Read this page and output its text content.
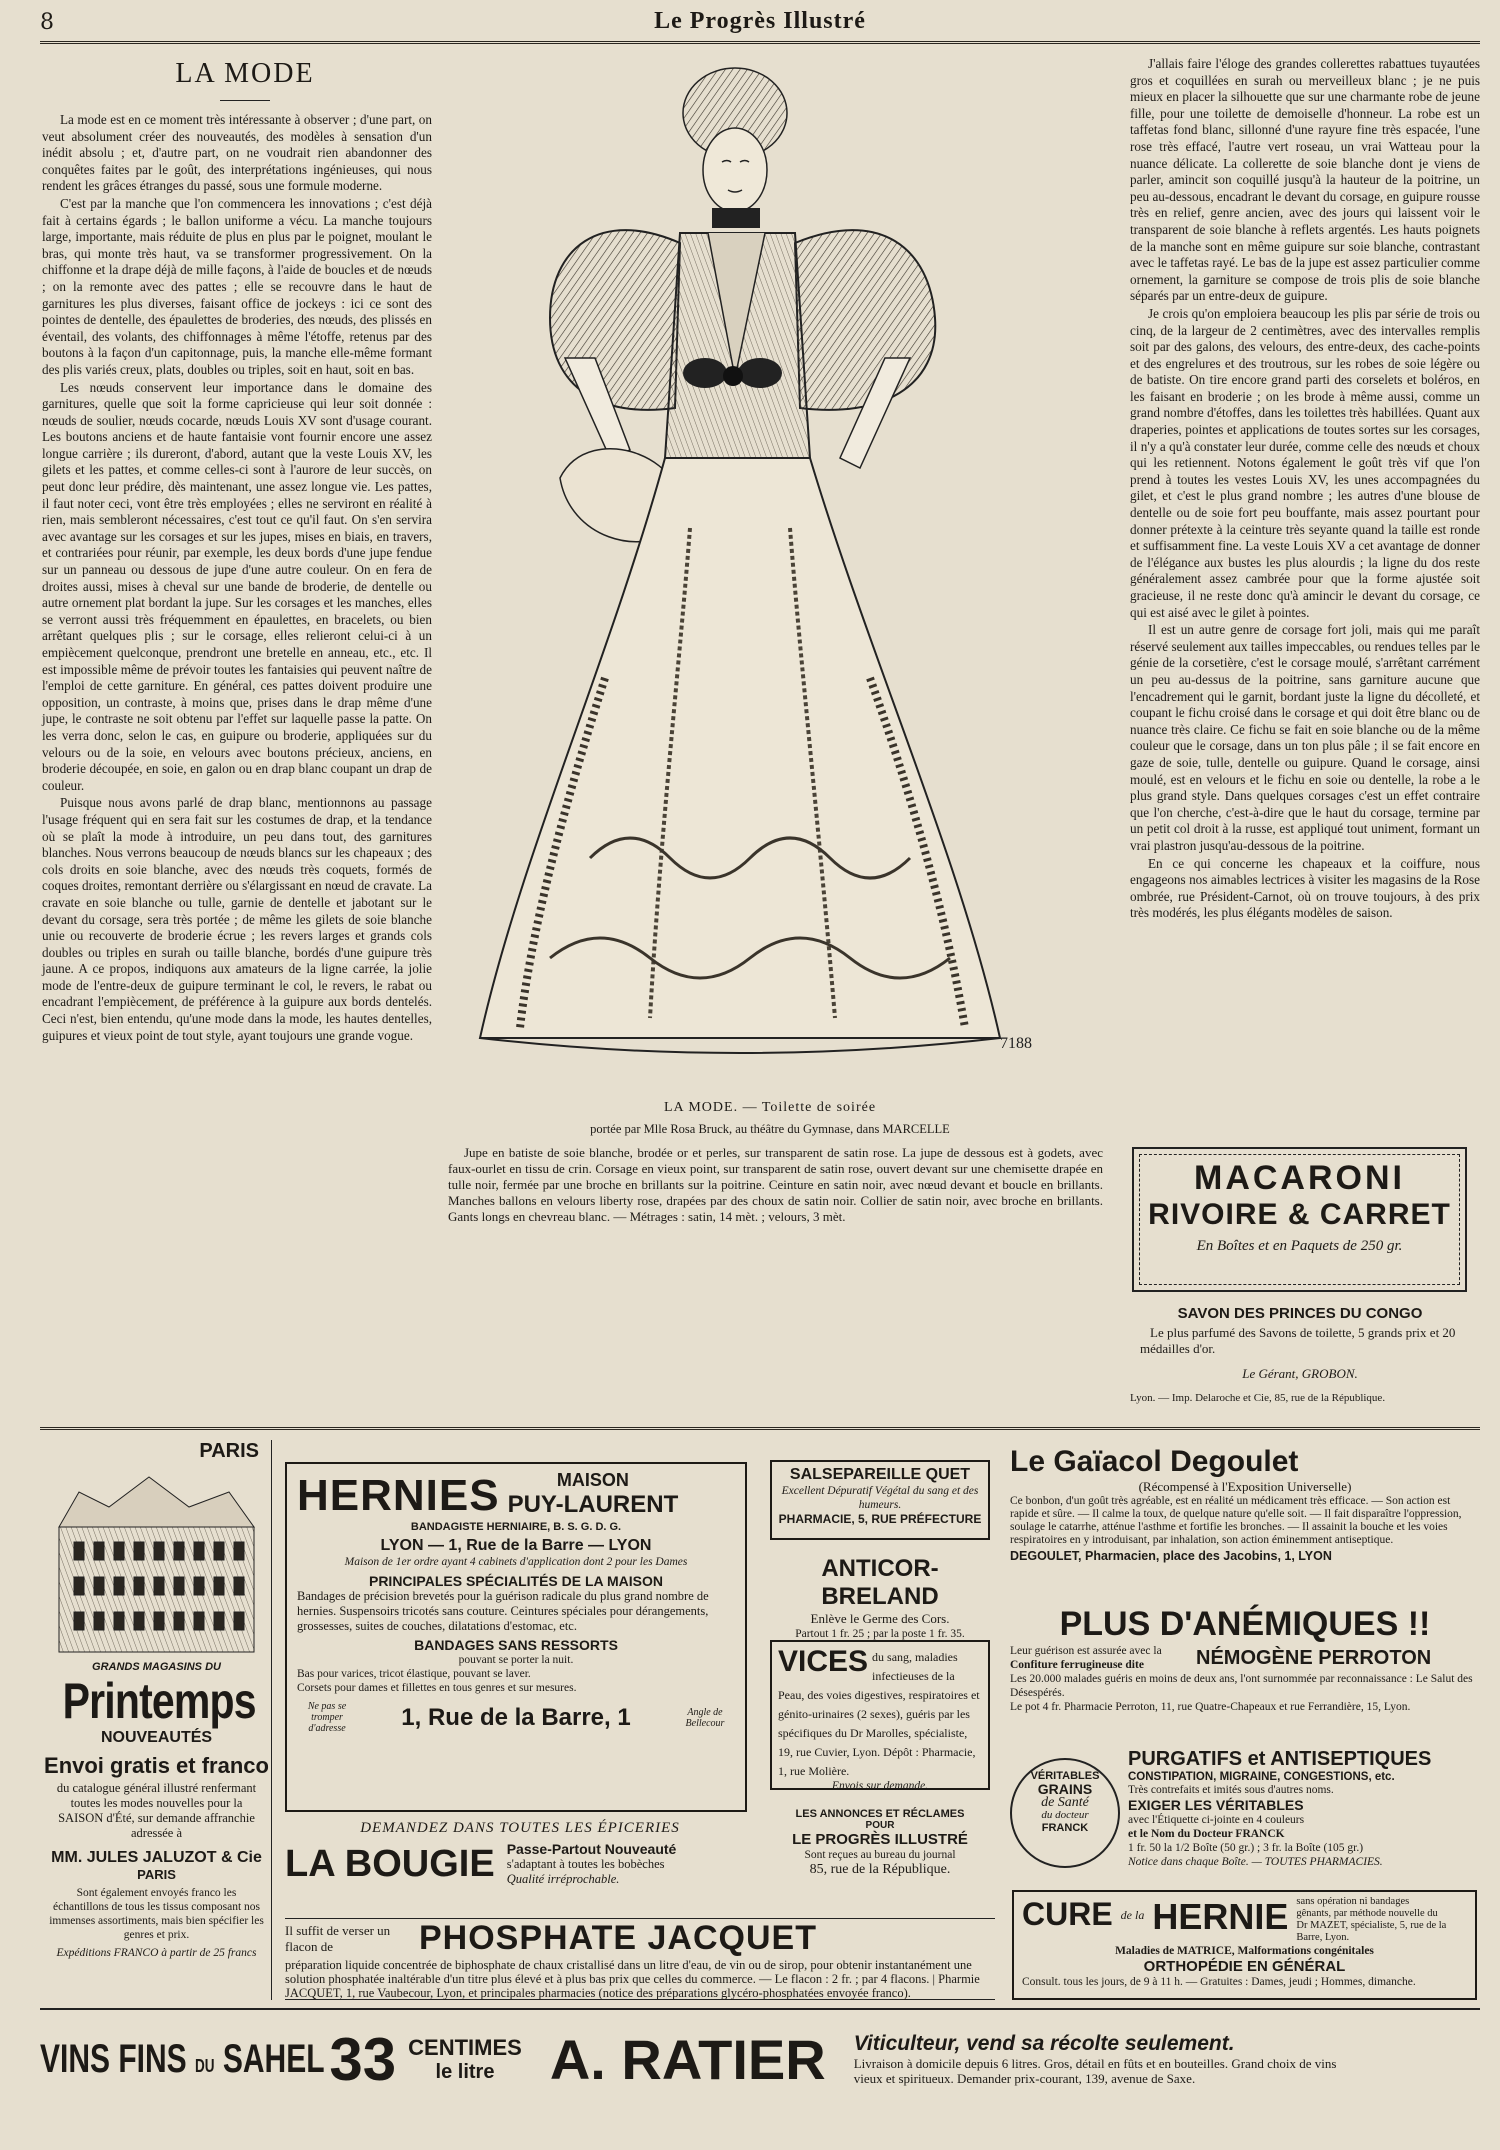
8	Le Progrès Illustré
LA MODE

La mode est en ce moment très intéressante à observer ; d'une part, on veut absolument créer des nouveautés, des modèles à sensation d'un inédit absolu ; et, d'autre part, on ne voudrait rien abandonner des conquêtes faites par le goût, des interprétations ingénieuses, qui nous rendent les grâces étranges du passé, sous une formule moderne.

C'est par la manche que l'on commencera les innovations ; c'est déjà fait à certains égards ; le ballon uniforme a vécu. La manche toujours large, importante, mais réduite de plus en plus par le poignet, moulant le bras, qui monte très haut, va se transformer progressivement. On la chiffonne et la drape déjà de mille façons, à l'aide de boucles et de nœuds ; on la remonte avec des pattes ; elle se recouvre dans le haut de garnitures les plus diverses, faisant office de jockeys : ici ce sont des pointes de dentelle, des épaulettes de broderies, des nœuds, des plissés en éventail, des volants, des chiffonnages à même l'étoffe, retenus par des boutons à la façon d'un capitonnage, puis, la manche elle-même formant des plis variés creux, plats, doubles ou triples, soit en haut, soit en bas.

Les nœuds conservent leur importance dans le domaine des garnitures, quelle que soit la forme capricieuse qui leur soit donnée : nœuds de soulier, nœuds cocarde, nœuds Louis XV sont d'usage courant. Les boutons anciens et de haute fantaisie vont fournir encore une assez longue carrière ; ils dureront, d'abord, autant que la veste Louis XV, les gilets et les pattes, et comme celles-ci sont à l'aurore de leur succès, on peut donc leur prédire, dès maintenant, une assez longue vie. Les pattes, il faut noter ceci, vont être très employées ; elles ne serviront en réalité à rien, mais sembleront nécessaires, c'est tout ce qu'il faut. On s'en servira avec avantage sur les corsages et sur les jupes, mises en biais, en travers, et contrariées pour réunir, par exemple, les deux bords d'une jupe fendue sur un panneau ou dessous de jupe d'une autre couleur. On en fera de droites aussi, mises à cheval sur une bande de broderie, de dentelle ou autre ornement plat bordant la jupe. Sur les corsages et les manches, elles se verront aussi très fréquemment en épaulettes, en bracelets, ou bien arrêtant quelques plis ; sur le corsage, elles relieront celui-ci à un empiècement quelconque, prendront une bretelle en anneau, etc., etc. Il est impossible même de prévoir toutes les fantaisies qui peuvent naître de l'emploi de cette garniture. En général, ces pattes doivent produire une opposition, un contraste, à moins que, prises dans le drap même d'une jupe, le contraste ne soit obtenu par l'effet sur laquelle passe la patte. On les verra donc, selon le cas, en guipure ou broderie, appliquées sur du velours ou de la soie, en velours avec boutons précieux, anciens, en broderie découpée, en soie, en galon ou en drap blanc coupant un drap de couleur.

Puisque nous avons parlé de drap blanc, mentionnons au passage l'usage fréquent qui en sera fait sur les costumes de drap, et la tendance où se plaît la mode à introduire, un peu dans tout, des garnitures blanches. Nous verrons beaucoup de nœuds blancs sur les chapeaux ; des cols droits en soie blanche, avec des nœuds très coquets, formés de coques droites, remontant derrière ou s'élargissant en nœud de cravate. La cravate en soie blanche ou tulle, garnie de dentelle et jabotant sur le devant du corsage, sera très portée ; de même les gilets de soie blanche unie ou recouverte de broderie écrue ; les revers larges et grands cols doubles ou triples en surah ou taille blanche, bordés d'une guipure très jaune. A ce propos, indiquons aux amateurs de la ligne carrée, la jolie mode de l'entre-deux de guipure terminant le col, le revers, le rabat ou encadrant l'empiècement, de préférence à la guipure aux bords dentelés. Ceci n'est, bien entendu, qu'une mode dans la mode, les hautes dentelles, guipures et vieux point de tout style, ayant toujours une grande vogue.	7188
LA MODE. — Toilette de soirée
portée par Mlle Rosa Bruck, au théâtre du Gymnase, dans MARCELLE
Jupe en batiste de soie blanche, brodée or et perles, sur transparent de satin rose. La jupe de dessous est à godets, avec faux-ourlet en tissu de crin. Corsage en vieux point, sur transparent de satin rose, ouvert devant sur une chemisette drapée en tulle noir, fermée par une broche en brillants sur la poitrine. Ceinture en satin noir, avec nœud devant et boucle en brillants. Manches ballons en velours liberty rose, drapées par des choux de satin noir. Collier de satin noir, avec broche en brillants. Gants longs en chevreau blanc. — Métrages : satin, 14 mèt. ; velours, 3 mèt.

J'allais faire l'éloge des grandes collerettes rabattues tuyautées gros et coquillées en surah ou merveilleux blanc ; je ne puis mieux en placer la silhouette que sur une charmante robe de jeune fille, pour une toilette de demoiselle d'honneur. La robe est un taffetas fond blanc, sillonné d'une rayure fine très espacée, l'une rose très effacé, l'autre vert roseau, un vrai Watteau pour la nuance délicate. La collerette de soie blanche dont je viens de parler, amincit son coquillé jusqu'à la hauteur de la poitrine, un peu au-dessous, encadrant le devant du corsage, en guipure rousse très en relief, genre ancien, avec des jours qui laissent voir le transparent de soie blanche à reflets argentés. Les hauts poignets de la manche sont en même guipure sur soie blanche, contrastant avec le taffetas rayé. Le bas de la jupe est assez particulier comme ornement, la garniture se compose de trois plis de soie blanche séparés par un entre-deux de guipure.

Je crois qu'on emploiera beaucoup les plis par série de trois ou cinq, de la largeur de 2 centimètres, avec des intervalles remplis soit par des galons, des velours, des entre-deux, des cache-points et des engrelures et des troutrous, sur les robes de soie légère ou de batiste. On tire encore grand parti des corselets et boléros, en les faisant en broderie ; on les brode à même aussi, comme un grand nombre d'étoffes, dans les toilettes très habillées. Quant aux draperies, pointes et applications de toutes sortes sur les corsages, il n'y a qu'à constater leur durée, comme celle des nœuds et choux qui les retiennent. Notons également le goût très vif que l'on prend à toutes les vestes Louis XV, les unes accompagnées du gilet, et c'est le plus grand nombre ; les autres d'une blouse de dentelle ou de soie fort peu bouffante, mais assez pourtant pour donner prétexte à la ceinture très seyante quand la taille est ronde et suffisamment fine. La veste Louis XV a cet avantage de donner de l'élégance aux bustes les plus alourdis ; la ligne du dos reste généralement assez cambrée pour que la forme ajustée soit gracieuse, il ne reste donc qu'à amincir le devant du corsage, ce qui est aisé avec le gilet à pointes.

Il est un autre genre de corsage fort joli, mais qui me paraît réservé seulement aux tailles impeccables, ou rendues telles par le génie de la corsetière, c'est le corsage moulé, s'arrêtant carrément un peu au-dessus de la poitrine, sans garniture aucune que l'encadrement qui le garnit, bordant juste la ligne du décolleté, et coupant le fichu croisé dans le corsage et qui doit être blanc ou de nuance très claire. Ce fichu se fait en soie blanche ou de la même couleur que le corsage, dans un ton plus pâle ; il se fait encore en gaze de soie, tulle, dentelle ou guipure. Quand le corsage, ainsi moulé, est en velours et le fichu en soie ou dentelle, la robe a le plus grand style. Dans quelques corsages c'est un effet contraire que l'on cherche, c'est-à-dire que le haut du corsage, termine par un petit col droit à la russe, est appliqué tout uniment, formant un vrai plastron jusqu'au-dessous de la poitrine.

En ce qui concerne les chapeaux et la coiffure, nous engageons nos aimables lectrices à visiter les magasins de la Rose ombrée, rue Président-Carnot, où on trouve toujours, à des prix très modérés, les plus élégants modèles de saison.

MACARONI
RIVOIRE & CARRET
En Boîtes et en Paquets de 250 gr.
SAVON DES PRINCES DU CONGO
Le plus parfumé des Savons de toilette, 5 grands prix et 20 médailles d'or.
Le Gérant, GROBON.
Lyon. — Imp. Delaroche et Cie, 85, rue de la République.
PARIS
GRANDS MAGASINS DU
Printemps
NOUVEAUTÉS
Envoi gratis et franco
du catalogue général illustré renfermant toutes les modes nouvelles pour la SAISON d'Été, sur demande affranchie adressée à
MM. JULES JALUZOT & Cie
PARIS
Sont également envoyés franco les échantillons de tous les tissus composant nos immenses assortiments, mais bien spécifier les genres et prix.
Expéditions FRANCO à partir de 25 francs
HERNIES	MAISON
PUY-LAURENT
BANDAGISTE HERNIAIRE, B. S. G. D. G.
LYON — 1, Rue de la Barre — LYON
Maison de 1er ordre ayant 4 cabinets d'application dont 2 pour les Dames
PRINCIPALES SPÉCIALITÉS DE LA MAISON
Bandages de précision brevetés pour la guérison radicale du plus grand nombre de hernies. Suspensoirs tricotés sans couture. Ceintures spéciales pour dérangements, grossesses, suites de couches, dilatations d'estomac, etc.
BANDAGES SANS RESSORTS
pouvant se porter la nuit.
Bas pour varices, tricot élastique, pouvant se laver.
Corsets pour dames et fillettes en tous genres et sur mesures.
Ne pas se tromper d'adresse	1, Rue de la Barre, 1	Angle de Bellecour
SALSEPAREILLE QUET
Excellent Dépuratif Végétal du sang et des humeurs.
PHARMACIE, 5, RUE PRÉFECTURE
ANTICOR-BRELAND
Enlève le Germe des Cors.
Partout 1 fr. 25 ; par la poste 1 fr. 35.
VICES du sang, maladies infectieuses de la Peau, des voies digestives, respiratoires et génito-urinaires (2 sexes), guéris par les spécifiques du Dr Marolles, spécialiste, 19, rue Cuvier, Lyon. Dépôt : Pharmacie, 1, rue Molière.
Envois sur demande.
LES ANNONCES ET RÉCLAMES
POUR
LE PROGRÈS ILLUSTRÉ
Sont reçues au bureau du journal
85, rue de la République.
DEMANDEZ DANS TOUTES LES ÉPICERIES
LA BOUGIE Passe-Partout Nouveauté
s'adaptant à toutes les bobèches
Qualité irréprochable.
Il suffit de verser un flacon de	PHOSPHATE JACQUET
préparation liquide concentrée de biphosphate de chaux cristallisé dans un litre d'eau, de vin ou de sirop, pour obtenir instantanément une solution phosphatée inaltérable d'un titre plus élevé et à plus bas prix que celles du commerce. — Le flacon : 2 fr. ; par 4 flacons. | Pharmie JACQUET, 1, rue Vaubecour, Lyon, et principales pharmacies (notice des préparations glycéro-phosphatées envoyée franco).
Le Gaïacol Degoulet
(Récompensé à l'Exposition Universelle)
Ce bonbon, d'un goût très agréable, est en réalité un médicament très efficace. — Son action est rapide et sûre. — Il calme la toux, de quelque nature qu'elle soit. — Il fait disparaître l'oppression, soulage le catarrhe, atténue l'asthme et fortifie les bronches. — Il assainit la bouche et les voies respiratoires en y introduisant, par inhalation, son action éminemment antiseptique.
DEGOULET, Pharmacien, place des Jacobins, 1, LYON
PLUS D'ANÉMIQUES !!
Leur guérison est assurée avec la
Confiture ferrugineuse dite	NÉMOGÈNE PERROTON
Les 20.000 malades guéris en moins de deux ans, l'ont surnommée par reconnaissance : Le Salut des Désespérés.
Le pot 4 fr. Pharmacie Perroton, 11, rue Quatre-Chapeaux et rue Ferrandière, 15, Lyon.
VÉRITABLES
GRAINS
de Santé
du docteur
FRANCK
PURGATIFS et ANTISEPTIQUES
CONSTIPATION, MIGRAINE, CONGESTIONS, etc.
Très contrefaits et imités sous d'autres noms.
EXIGER LES VÉRITABLES
avec l'Étiquette ci-jointe en 4 couleurs
et le Nom du Docteur FRANCK
1 fr. 50 la 1/2 Boîte (50 gr.) ; 3 fr. la Boîte (105 gr.)
Notice dans chaque Boîte. — TOUTES PHARMACIES.
CURE de la HERNIE sans opération ni bandages gênants, par méthode nouvelle du Dr MAZET, spécialiste, 5, rue de la Barre, Lyon.
Maladies de MATRICE, Malformations congénitales
ORTHOPÉDIE EN GÉNÉRAL
Consult. tous les jours, de 9 à 11 h. — Gratuites : Dames, jeudi ; Hommes, dimanche.
VINS FINS DU SAHEL 33 CENTIMES
le litre A. RATIER Viticulteur, vend sa récolte seulement.
Livraison à domicile depuis 6 litres. Gros, détail en fûts et en bouteilles. Grand choix de vins vieux et spiritueux. Demander prix-courant, 139, avenue de Saxe.
